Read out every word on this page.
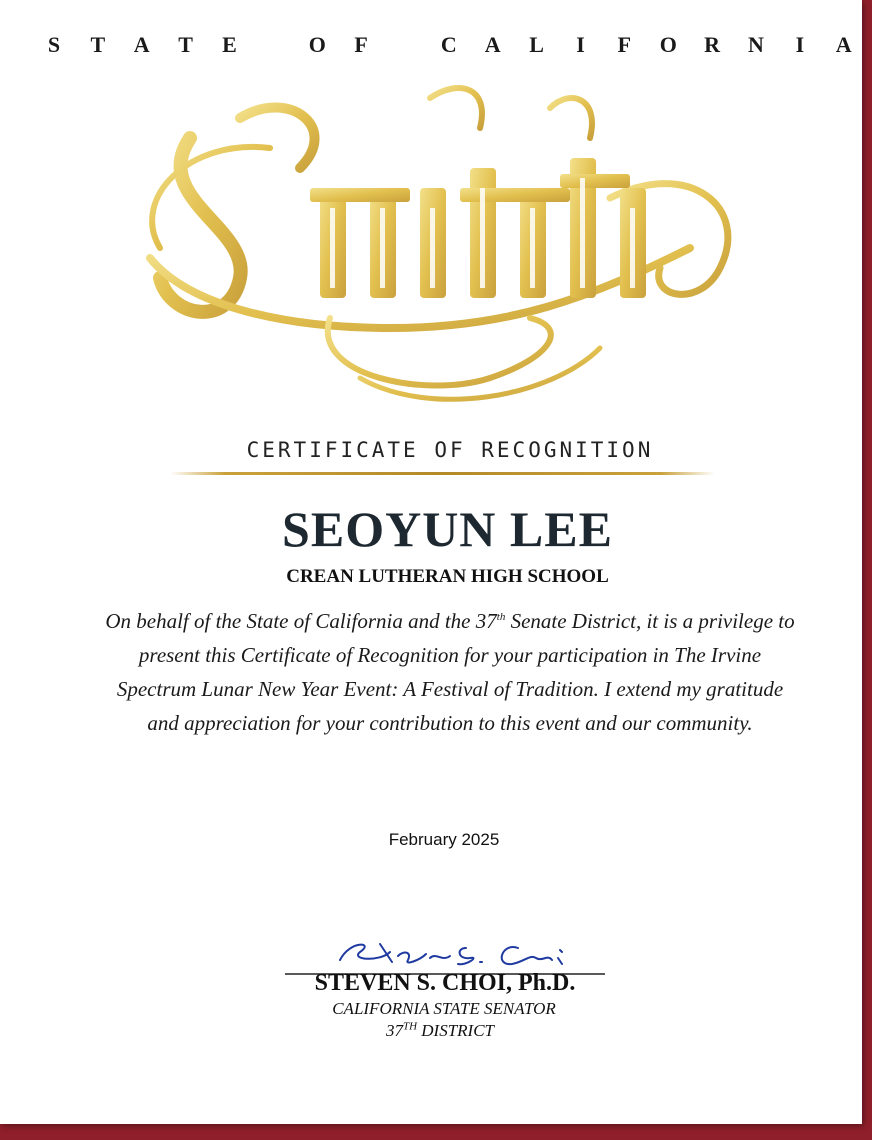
S T A T E	O F	C A L I F O R N I A
CERTIFICATE OF RECOGNITION
SEOYUN LEE
CREAN LUTHERAN HIGH SCHOOL
On behalf of the State of California and the 37th Senate District, it is a privilege to present this Certificate of Recognition for your participation in The Irvine Spectrum Lunar New Year Event: A Festival of Tradition. I extend my gratitude and appreciation for your contribution to this event and our community.
February 2025
STEVEN S. CHOI, Ph.D.
CALIFORNIA STATE SENATOR
37TH DISTRICT
